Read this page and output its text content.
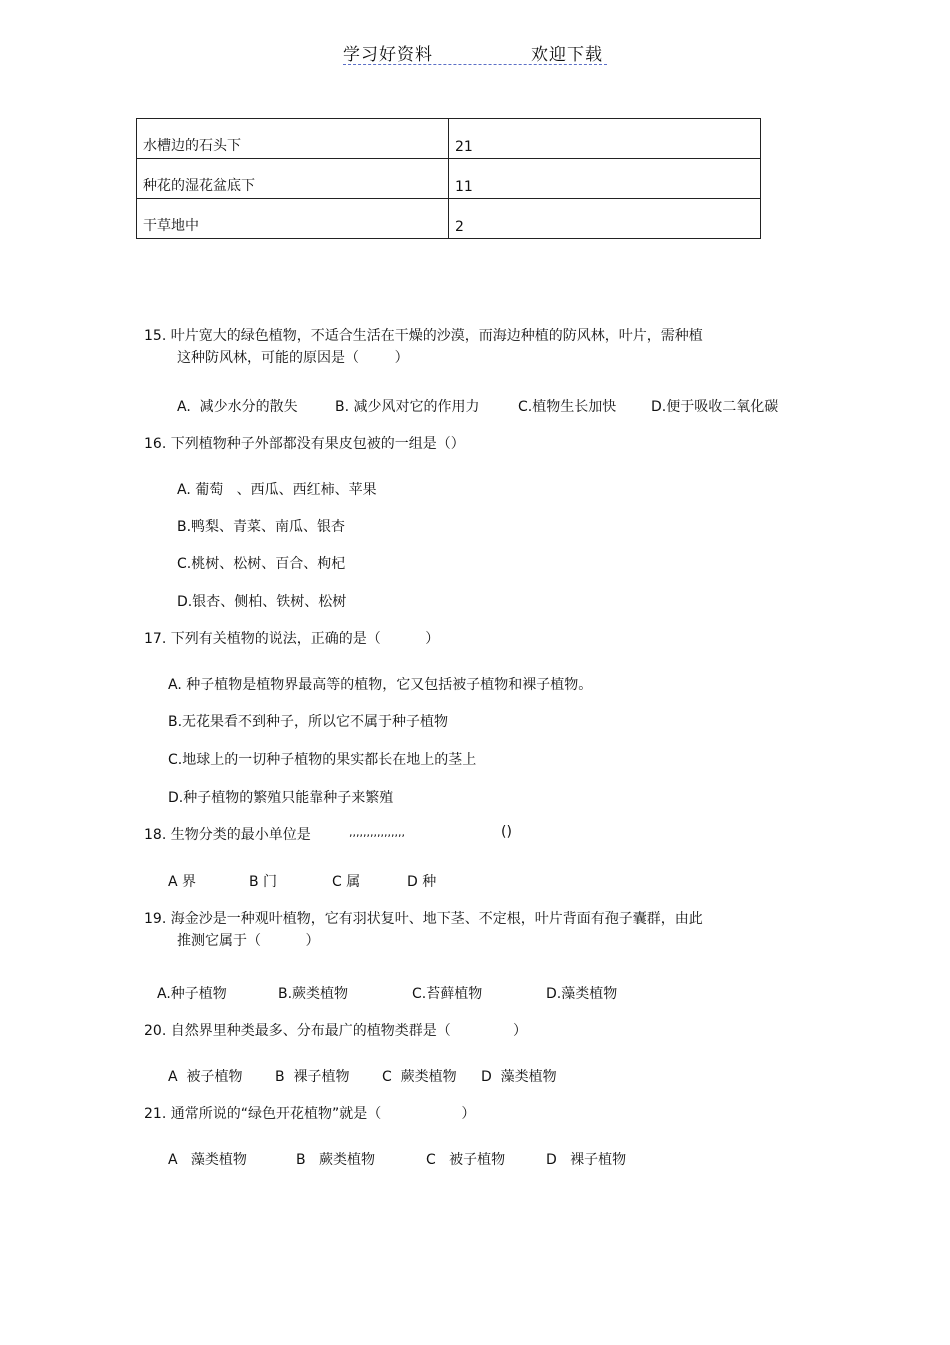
学习好资料	欢迎下载
水槽边的石头下	21
种花的湿花盆底下	11
干草地中	2
15. 叶片宽大的绿色植物，不适合生活在干燥的沙漠，而海边种植的防风林，叶片，需种植
这种防风林，可能的原因是（        ）
A.  减少水分的散失	B. 减少风对它的作用力	C.植物生长加快 D.便于吸收二氧化碳
16. 下列植物种子外部都没有果皮包被的一组是（）
A. 葡萄   、西瓜、西红柿、苹果
B.鸭梨、青菜、南瓜、银杏
C.桃树、松树、百合、枸杞
D.银杏、侧柏、铁树、松树
17. 下列有关植物的说法，正确的是（          ）
A. 种子植物是植物界最高等的植物，它又包括被子植物和裸子植物。
B.无花果看不到种子，所以它不属于种子植物
C.地球上的一切种子植物的果实都长在地上的茎上
D.种子植物的繁殖只能靠种子来繁殖
18. 生物分类的最小单位是	,,,,,,,,,,,,,,,,	()
A 界	B 门	C 属	D 种
19. 海金沙是一种观叶植物，它有羽状复叶、地下茎、不定根，叶片背面有孢子囊群，由此
推测它属于（          ）
A.种子植物	B.蕨类植物	C.苔藓植物	D.藻类植物
20. 自然界里种类最多、分布最广的植物类群是（              ）
A  被子植物 B  裸子植物 C  蕨类植物 D  藻类植物
21. 通常所说的“绿色开花植物”就是（                  ）
A   藻类植物	B   蕨类植物	C   被子植物	D   裸子植物
